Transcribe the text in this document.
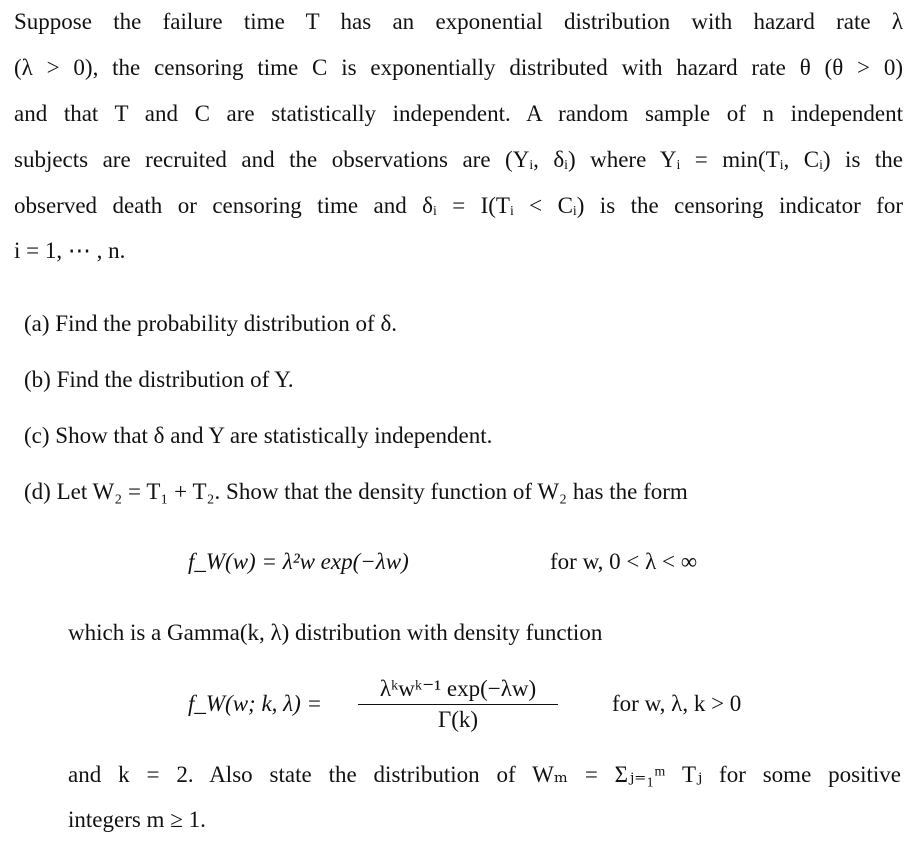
Suppose the failure time T has an exponential distribution with hazard rate λ
(λ > 0), the censoring time C is exponentially distributed with hazard rate θ (θ > 0)
and that T and C are statistically independent. A random sample of n independent
subjects are recruited and the observations are (Yᵢ, δᵢ) where Yᵢ = min(Tᵢ, Cᵢ) is the
observed death or censoring time and δᵢ = I(Tᵢ < Cᵢ) is the censoring indicator for
i = 1, ⋯ , n.
(a) Find the probability distribution of δ.
(b) Find the distribution of Y.
(c) Show that δ and Y are statistically independent.
(d) Let W₂ = T₁ + T₂. Show that the density function of W₂ has the form
f_W(w) = λ²w exp(−λw)	for w, 0 < λ < ∞
which is a Gamma(k, λ) distribution with density function
f_W(w; k, λ) =
λᵏwᵏ⁻¹ exp(−λw)
Γ(k)
for w, λ, k > 0
and k = 2. Also state the distribution of Wₘ = Σⱼ₌₁ᵐ Tⱼ for some positive
integers m ≥ 1.
